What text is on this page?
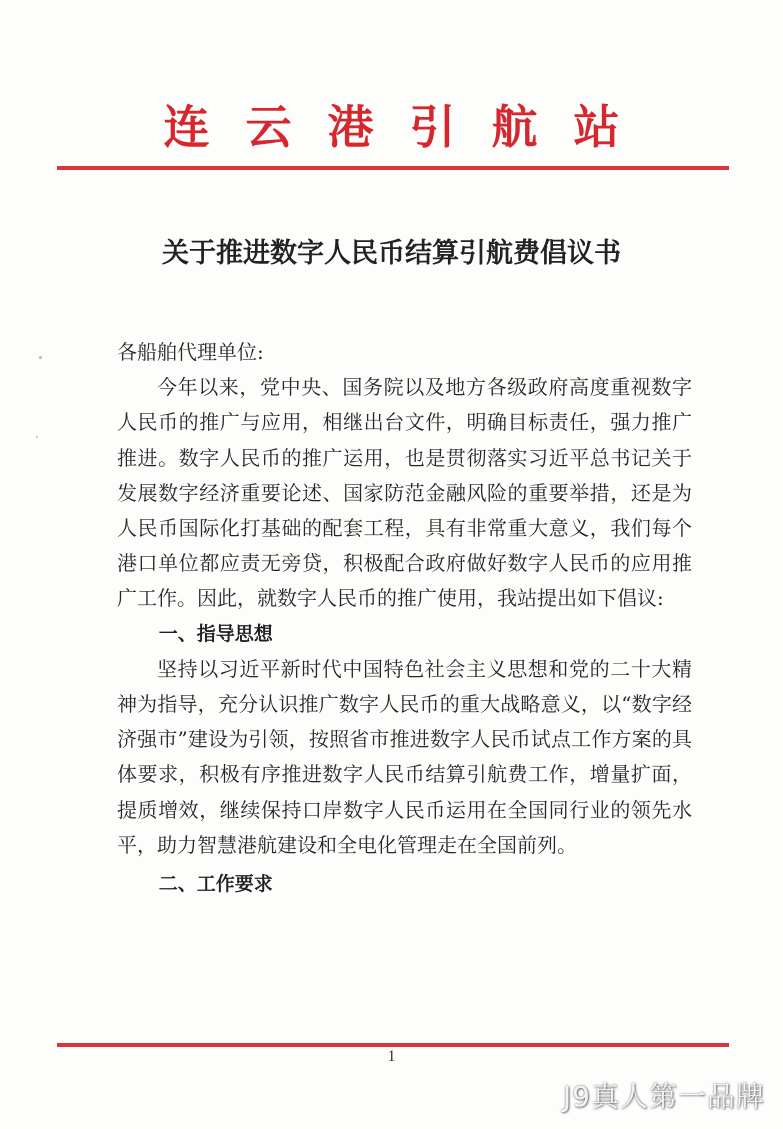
连云港引航站
关于推进数字人民币结算引航费倡议书

各船舶代理单位:

今年以来，党中央、国务院以及地方各级政府高度重视数字人民币的推广与应用，相继出台文件，明确目标责任，强力推广推进。数字人民币的推广运用，也是贯彻落实习近平总书记关于发展数字经济重要论述、国家防范金融风险的重要举措，还是为人民币国际化打基础的配套工程，具有非常重大意义，我们每个港口单位都应责无旁贷，积极配合政府做好数字人民币的应用推广工作。因此，就数字人民币的推广使用，我站提出如下倡议:

一、指导思想

坚持以习近平新时代中国特色社会主义思想和党的二十大精神为指导，充分认识推广数字人民币的重大战略意义，以“数字经济强市”建设为引领，按照省市推进数字人民币试点工作方案的具体要求，积极有序推进数字人民币结算引航费工作，增量扩面，提质增效，继续保持口岸数字人民币运用在全国同行业的领先水平，助力智慧港航建设和全电化管理走在全国前列。

二、工作要求

1
J9真人第一品牌
